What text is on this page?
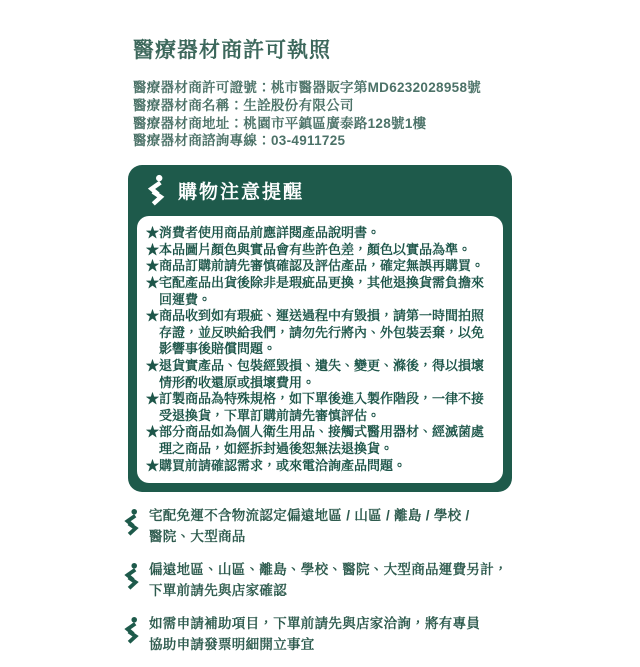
醫療器材商許可執照
醫療器材商許可證號：桃市醫器販字第MD6232028958號
醫療器材商名稱：生詮股份有限公司
醫療器材商地址：桃園市平鎮區廣泰路128號1樓
醫療器材商諮詢專線：03-4911725
購物注意提醒
★消費者使用商品前應詳閱產品說明書。
★本品圖片顏色與實品會有些許色差，顏色以實品為準。
★商品訂購前請先審慎確認及評估產品，確定無誤再購買。
★宅配產品出貨後除非是瑕疵品更換，其他退換貨需負擔來回運費。
★商品收到如有瑕疵、運送過程中有毀損，請第一時間拍照存證，並反映給我們，請勿先行將內、外包裝丟棄，以免影響事後賠償問題。
★退貨實產品、包裝經毀損、遺失、變更、滌後，得以損壞情形酌收還原或損壞費用。
★訂製商品為特殊規格，如下單後進入製作階段，一律不接受退換貨，下單訂購前請先審慎評估。
★部分商品如為個人衛生用品、接觸式醫用器材、經滅菌處理之商品，如經拆封過後恕無法退換貨。
★購買前請確認需求，或來電洽詢產品問題。
宅配免運不含物流認定偏遠地區 / 山區 / 離島 / 學校 /
醫院、大型商品
偏遠地區、山區、離島、學校、醫院、大型商品運費另計，
下單前請先與店家確認
如需申請補助項目，下單前請先與店家洽詢，將有專員
協助申請發票明細開立事宜
